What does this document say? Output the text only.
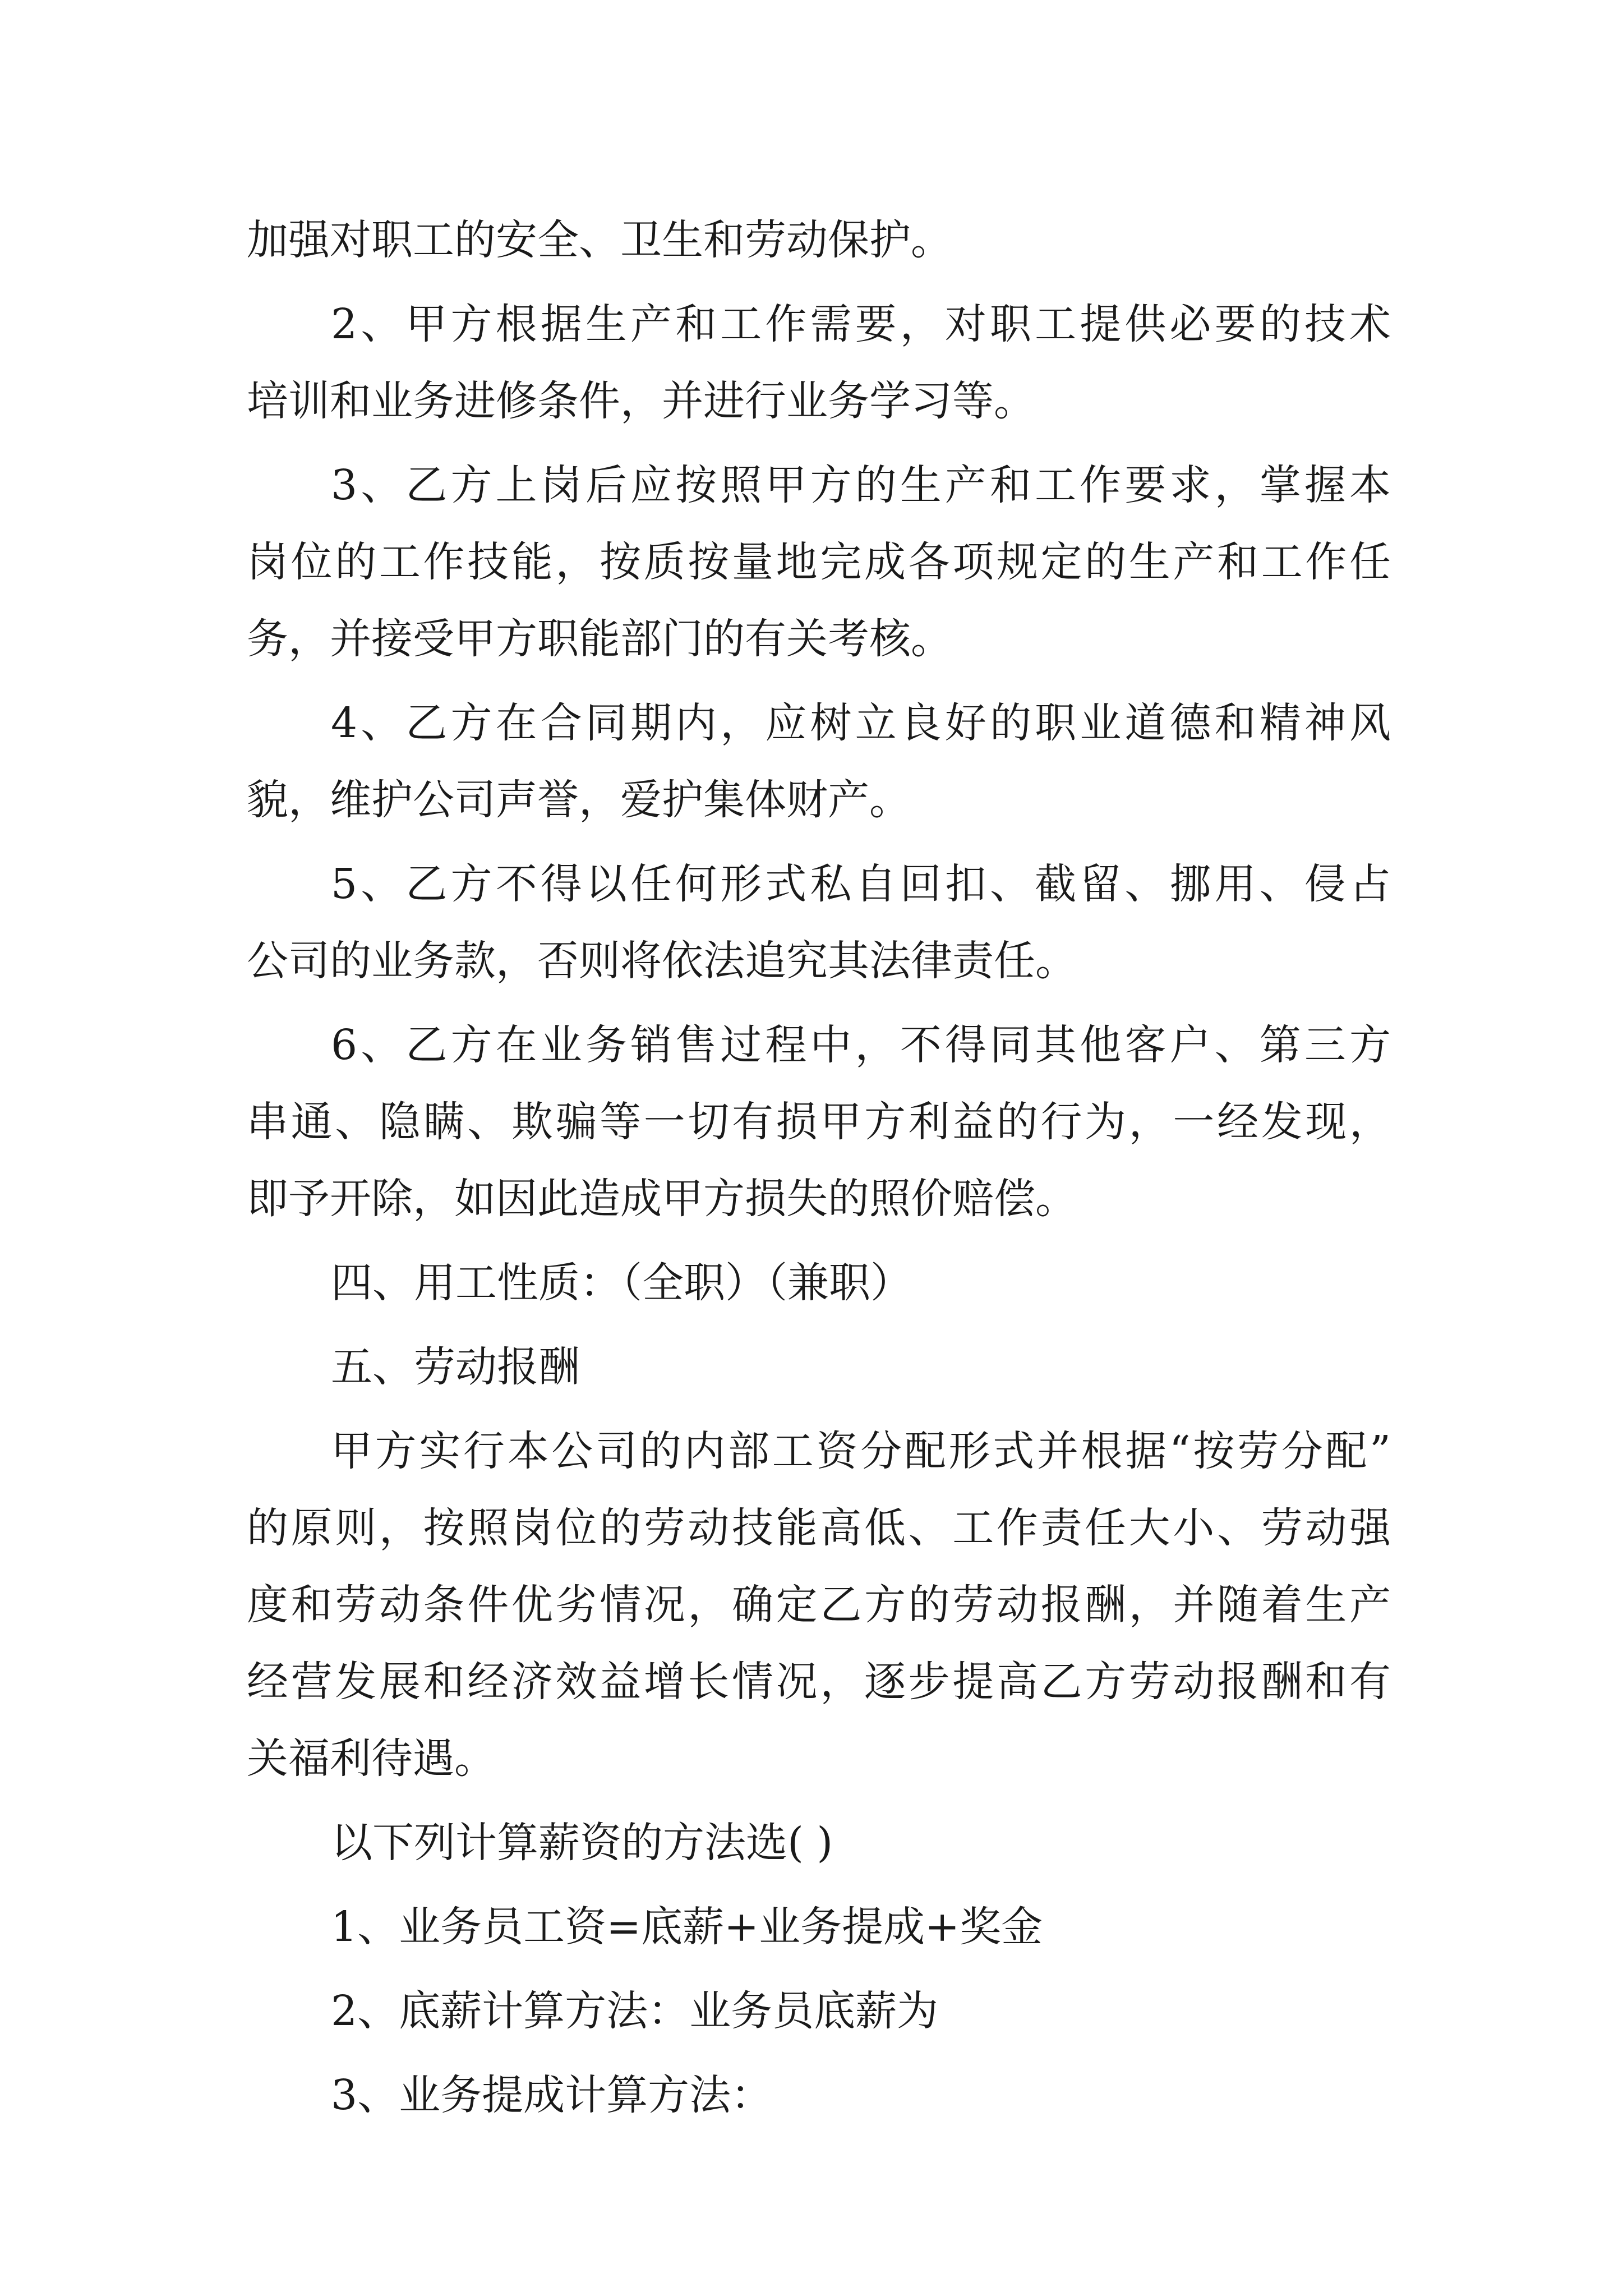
加强对职工的安全、卫生和劳动保护。
2、甲方根据生产和工作需要，对职工提供必要的技术
培训和业务进修条件，并进行业务学习等。
3、乙方上岗后应按照甲方的生产和工作要求，掌握本
岗位的工作技能，按质按量地完成各项规定的生产和工作任
务，并接受甲方职能部门的有关考核。
4、乙方在合同期内，应树立良好的职业道德和精神风
貌，维护公司声誉，爱护集体财产。
5、乙方不得以任何形式私自回扣、截留、挪用、侵占
公司的业务款，否则将依法追究其法律责任。
6、乙方在业务销售过程中，不得同其他客户、第三方
串通、隐瞒、欺骗等一切有损甲方利益的行为，一经发现，
即予开除，如因此造成甲方损失的照价赔偿。
四、用工性质：（全职）（兼职）
五、劳动报酬
甲方实行本公司的内部工资分配形式并根据“按劳分配”
的原则，按照岗位的劳动技能高低、工作责任大小、劳动强
度和劳动条件优劣情况，确定乙方的劳动报酬，并随着生产
经营发展和经济效益增长情况，逐步提高乙方劳动报酬和有
关福利待遇。
以下列计算薪资的方法选( )
1、业务员工资=底薪+业务提成+奖金
2、底薪计算方法：业务员底薪为
3、业务提成计算方法：
